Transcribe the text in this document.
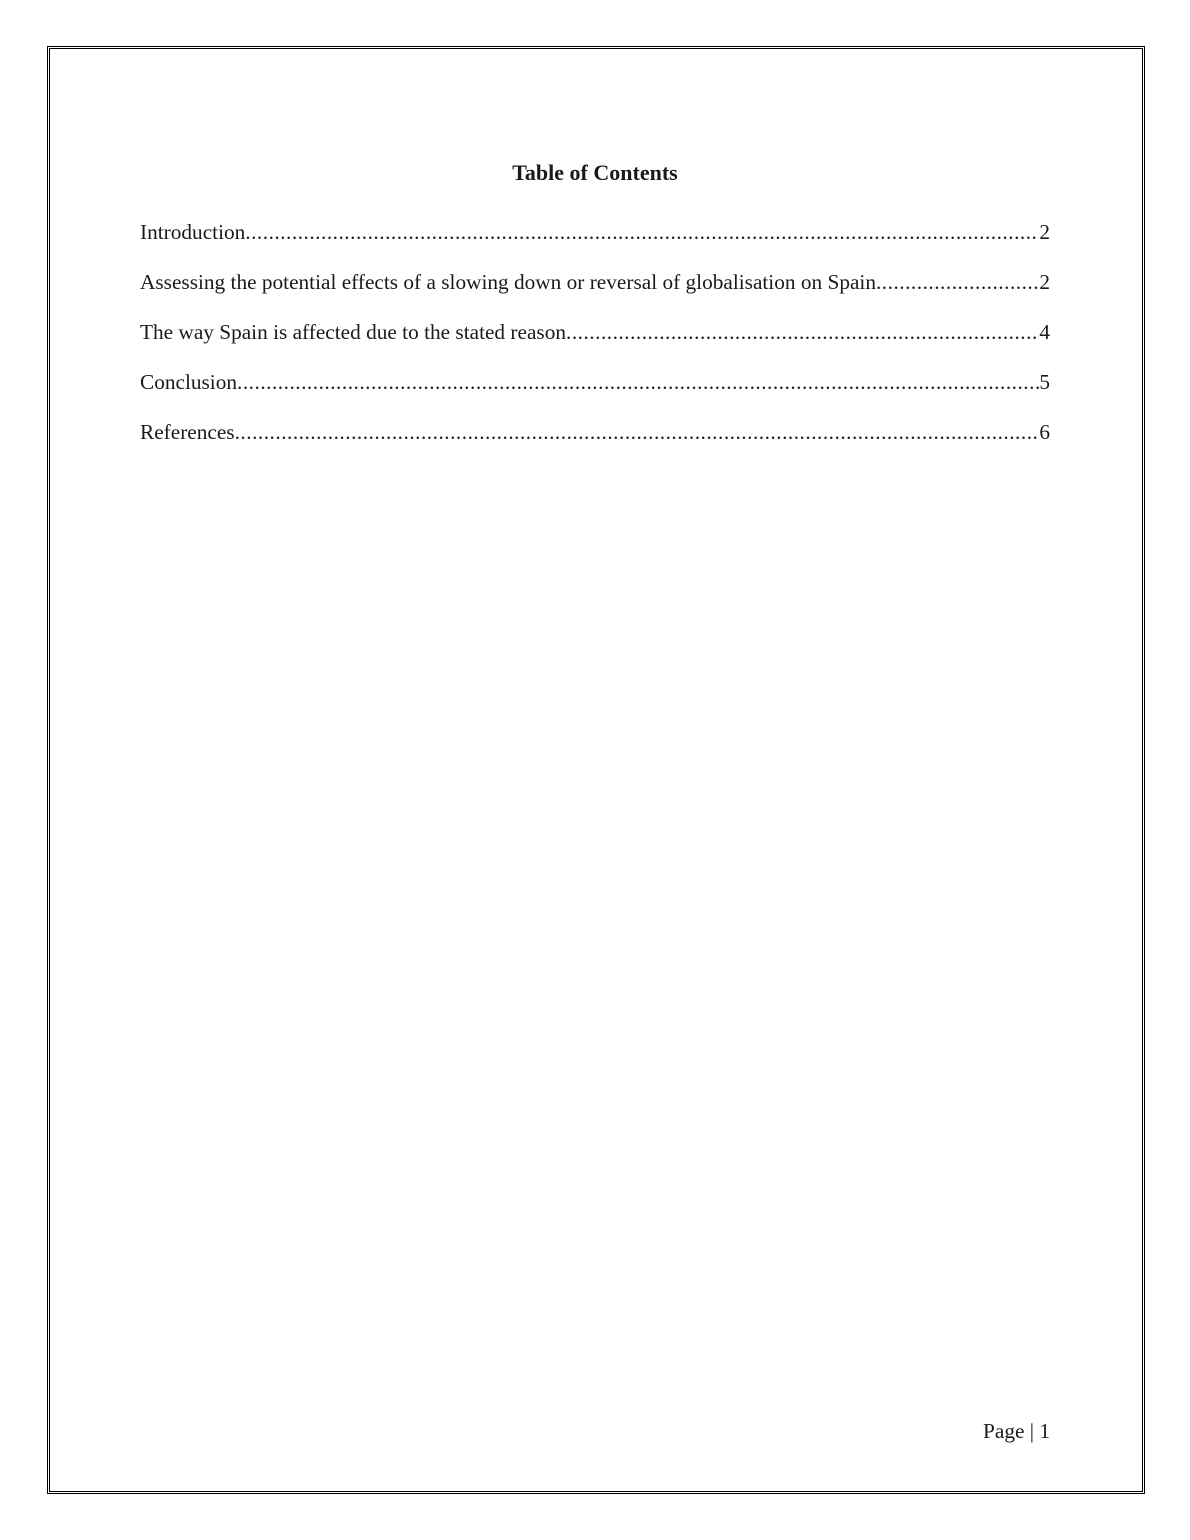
Table of Contents
Introduction .....	2
Assessing the potential effects of a slowing down or reversal of globalisation on Spain .....	2
The way Spain is affected due to the stated reason .....	4
Conclusion .....	5
References .....	6
Page | 1
